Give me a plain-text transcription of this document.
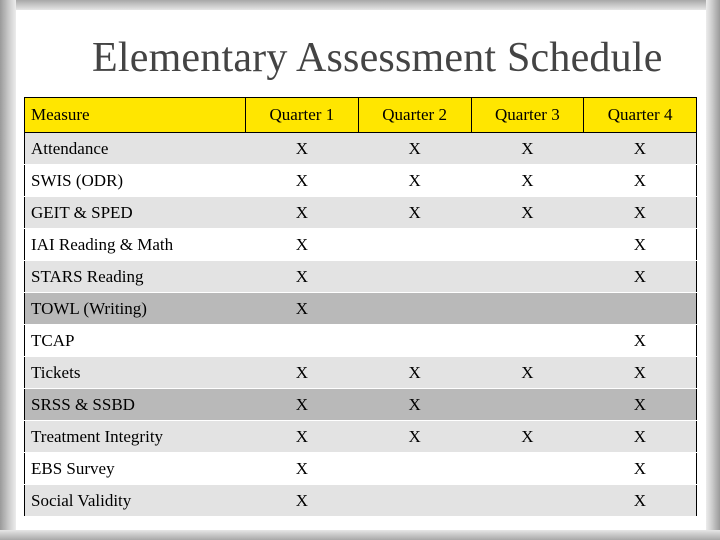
Elementary Assessment Schedule
Measure	Quarter 1	Quarter 2	Quarter 3	Quarter 4
Attendance	X	X	X	X
SWIS (ODR)	X	X	X	X
GEIT & SPED	X	X	X	X
IAI Reading & Math	X			X
STARS Reading	X			X
TOWL (Writing)	X			
TCAP				X
Tickets	X	X	X	X
SRSS & SSBD	X	X		X
Treatment Integrity	X	X	X	X
EBS Survey	X			X
Social Validity	X			X
